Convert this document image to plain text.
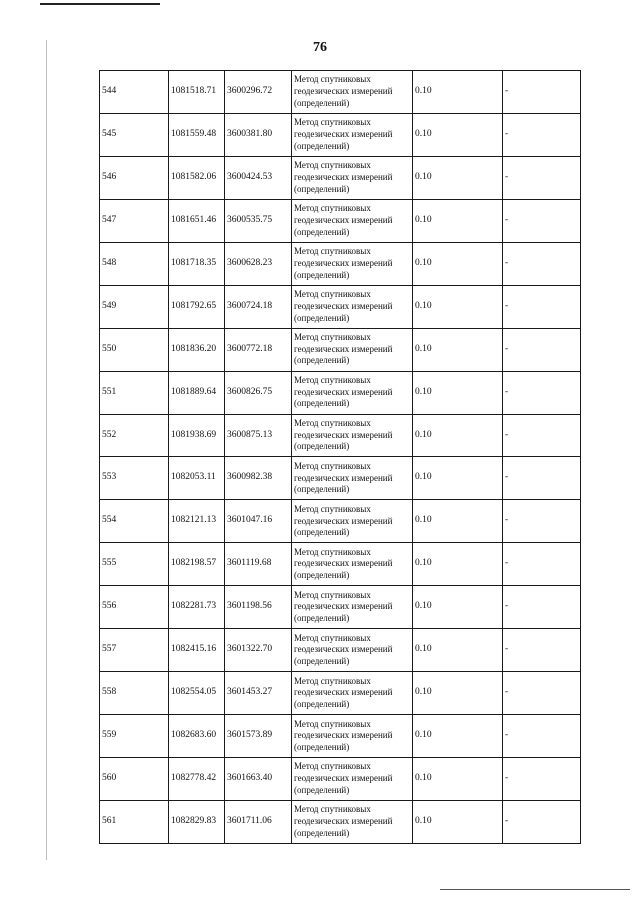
76
544	1081518.71	3600296.72	Метод спутниковых геодезических измерений (определений)	0.10	-
545	1081559.48	3600381.80	Метод спутниковых геодезических измерений (определений)	0.10	-
546	1081582.06	3600424.53	Метод спутниковых геодезических измерений (определений)	0.10	-
547	1081651.46	3600535.75	Метод спутниковых геодезических измерений (определений)	0.10	-
548	1081718.35	3600628.23	Метод спутниковых геодезических измерений (определений)	0.10	-
549	1081792.65	3600724.18	Метод спутниковых геодезических измерений (определений)	0.10	-
550	1081836.20	3600772.18	Метод спутниковых геодезических измерений (определений)	0.10	-
551	1081889.64	3600826.75	Метод спутниковых геодезических измерений (определений)	0.10	-
552	1081938.69	3600875.13	Метод спутниковых геодезических измерений (определений)	0.10	-
553	1082053.11	3600982.38	Метод спутниковых геодезических измерений (определений)	0.10	-
554	1082121.13	3601047.16	Метод спутниковых геодезических измерений (определений)	0.10	-
555	1082198.57	3601119.68	Метод спутниковых геодезических измерений (определений)	0.10	-
556	1082281.73	3601198.56	Метод спутниковых геодезических измерений (определений)	0.10	-
557	1082415.16	3601322.70	Метод спутниковых геодезических измерений (определений)	0.10	-
558	1082554.05	3601453.27	Метод спутниковых геодезических измерений (определений)	0.10	-
559	1082683.60	3601573.89	Метод спутниковых геодезических измерений (определений)	0.10	-
560	1082778.42	3601663.40	Метод спутниковых геодезических измерений (определений)	0.10	-
561	1082829.83	3601711.06	Метод спутниковых геодезических измерений (определений)	0.10	-
